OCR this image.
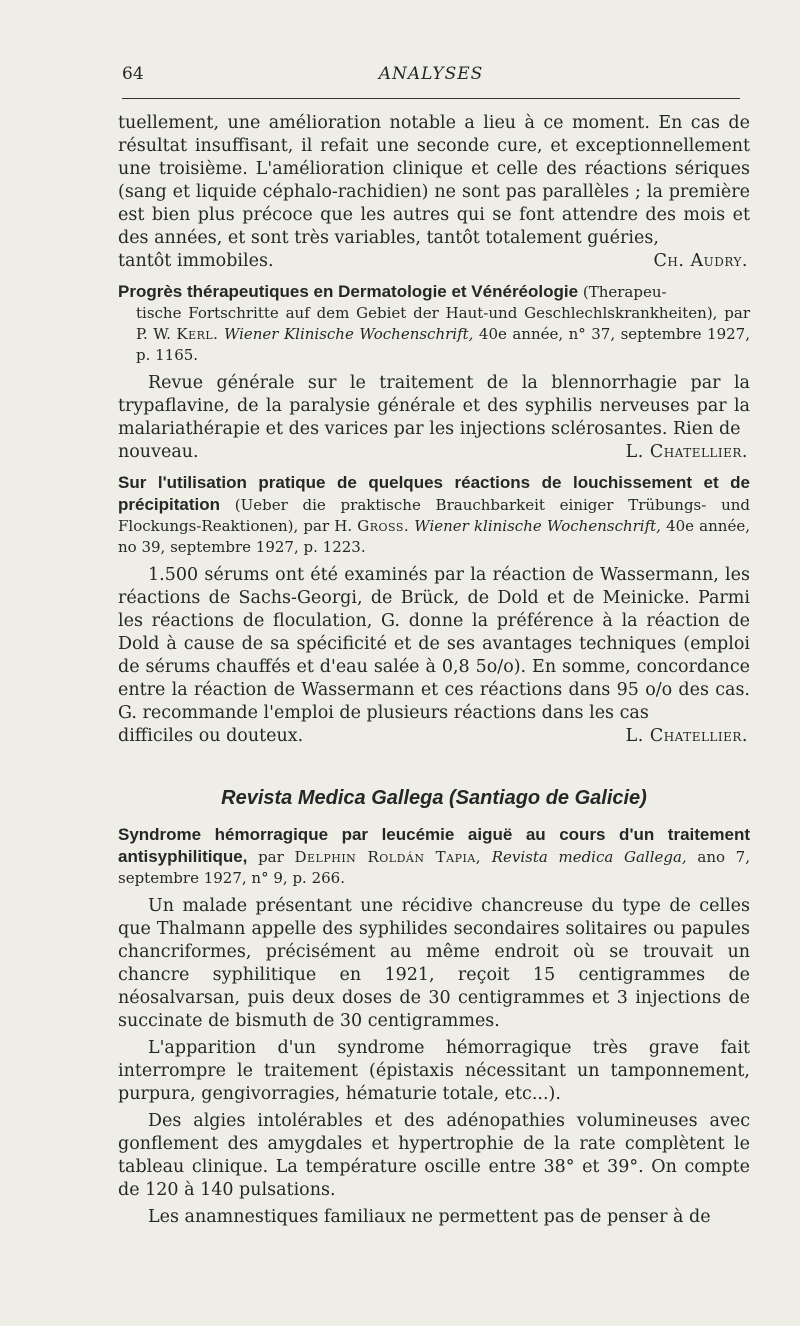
64	ANALYSES

tuellement, une amélioration notable a lieu à ce moment. En cas de résultat insuffisant, il refait une seconde cure, et exceptionnellement une troisième. L'amélioration clinique et celle des réactions sériques (sang et liquide céphalo-rachidien) ne sont pas parallèles ; la première est bien plus précoce que les autres qui se font attendre des mois et des années, et sont très variables, tantôt totalement guéries,

tantôt immobiles.	Ch. Audry.

Progrès thérapeutiques en Dermatologie et Vénéréologie (Therapeu-
tische Fortschritte auf dem Gebiet der Haut-und Geschlechlskrankheiten), par P. W. Kerl. Wiener Klinische Wochenschrift, 40e année, n° 37, septembre 1927, p. 1165.

Revue générale sur le traitement de la blennorrhagie par la trypaflavine, de la paralysie générale et des syphilis nerveuses par la malariathérapie et des varices par les injections sclérosantes. Rien de

nouveau.	L. Chatellier.

Sur l'utilisation pratique de quelques réactions de louchissement et de précipitation (Ueber die praktische Brauchbarkeit einiger Trübungs- und Flockungs-Reaktionen), par H. Gross. Wiener klinische Wochenschrift, 40e année, no 39, septembre 1927, p. 1223.

1.500 sérums ont été examinés par la réaction de Wassermann, les réactions de Sachs-Georgi, de Brück, de Dold et de Meinicke. Parmi les réactions de floculation, G. donne la préférence à la réaction de Dold à cause de sa spécificité et de ses avantages techniques (emploi de sérums chauffés et d'eau salée à 0,8 5o/o). En somme, concordance entre la réaction de Wassermann et ces réactions dans 95 o/o des cas. G. recommande l'emploi de plusieurs réactions dans les cas

difficiles ou douteux.	L. Chatellier.

Revista Medica Gallega (Santiago de Galicie)
Syndrome hémorragique par leucémie aiguë au cours d'un traitement antisyphilitique, par Delphin Roldán Tapia, Revista medica Gallega, ano 7, septembre 1927, n° 9, p. 266.

Un malade présentant une récidive chancreuse du type de celles que Thalmann appelle des syphilides secondaires solitaires ou papules chancriformes, précisément au même endroit où se trouvait un chancre syphilitique en 1921, reçoit 15 centigrammes de néosalvarsan, puis deux doses de 30 centigrammes et 3 injections de succinate de bismuth de 30 centigrammes.

L'apparition d'un syndrome hémorragique très grave fait interrompre le traitement (épistaxis nécessitant un tamponnement, purpura, gengivorragies, hématurie totale, etc...).

Des algies intolérables et des adénopathies volumineuses avec gonflement des amygdales et hypertrophie de la rate complètent le tableau clinique. La température oscille entre 38° et 39°. On compte de 120 à 140 pulsations.

Les anamnestiques familiaux ne permettent pas de penser à de
